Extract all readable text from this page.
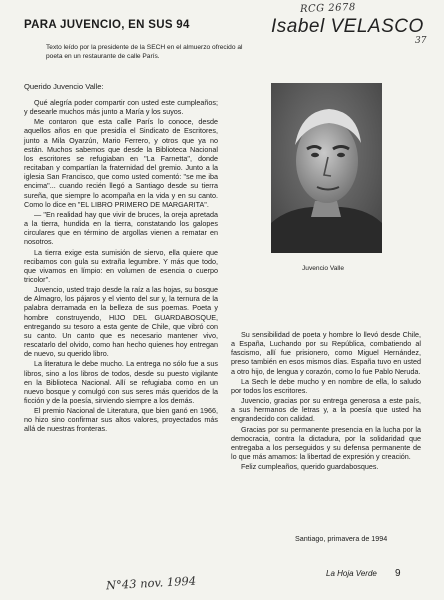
RCG 2678
37
PARA JUVENCIO, EN SUS 94	Isabel VELASCO
Texto leído por la presidente de la SECH en el almuerzo ofrecido al poeta en un restaurante de calle París.
Querido Juvencio Valle:

Qué alegría poder compartir con usted este cumpleaños; y desearle muchos más junto a María y los suyos.

Me contaron que esta calle París lo conoce, desde aquellos años en que presidía el Sindicato de Escritores, junto a Mila Oyarzún, Mario Ferrero, y otros que ya no están. Muchos sabemos que desde la Biblioteca Nacional los escritores se refugiaban en "La Farnetta", donde recitaban y compartían la fraternidad del gremio. Junto a la iglesia San Francisco, que como usted comentó: "se me iba encima"... cuando recién llegó a Santiago desde su tierra sureña, que siempre lo acompaña en la vida y en su canto. Como lo dice en "EL LIBRO PRIMERO DE MARGARITA".

— "En realidad hay que vivir de bruces, la oreja apretada a la tierra, hundida en la tierra, constatando los galopes circulares que en término de argollas vienen a rematar en nosotros.

La tierra exige esta sumisión de siervo, ella quiere que recibamos con gula su extraña legumbre. Y más que todo, que vivamos en límpio: en volumen de esencia o cuerpo tricolor".

Juvencio, usted trajo desde la raíz a las hojas, su bosque de Almagro, los pájaros y el viento del sur y, la ternura de la palabra derramada en la belleza de sus poemas. Poeta y hombre construyendo, HIJO DEL GUARDABOSQUE, entregando su tesoro a esta gente de Chile, que vibró con su canto. Un canto que es necesario mantener vivo, rescatarlo del olvido, como han hecho quienes hoy entregan de nuevo, su querido libro.

La literatura le debe mucho. La entrega no sólo fue a sus libros, sino a los libros de todos, desde su puesto vigilante en la Biblioteca Nacional. Allí se refugiaba como en un nuevo bosque y comulgó con sus seres más queridos de la ficción y de la poesía, sirviendo siempre a los demás.

El premio Nacional de Literatura, que bien ganó en 1966, no hizo sino confirmar sus altos valores, proyectados más allá de nuestras fronteras.

Juvencio Valle

Su sensibilidad de poeta y hombre lo llevó desde Chile, a España, Luchando por su República, combatiendo al fascismo, allí fue prisionero, como Miguel Hernández, preso también en esos mismos días. España tuvo en usted a otro hijo, de lengua y corazón, como lo fue Pablo Neruda.

La Sech le debe mucho y en nombre de ella, lo saludo por todos los escritores.

Juvencio, gracias por su entrega generosa a este país, a sus hermanos de letras y, a la poesía que usted ha engrandecido con calidad.

Gracias por su permanente presencia en la lucha por la democracia, contra la dictadura, por la solidaridad que entregaba a los perseguidos y su defensa permanente de lo que más amamos: la libertad de expresión y creación.

Feliz cumpleaños, querido guardabosques.

Santiago, primavera de 1994
N°43 nov. 1994
La Hoja Verde 9
